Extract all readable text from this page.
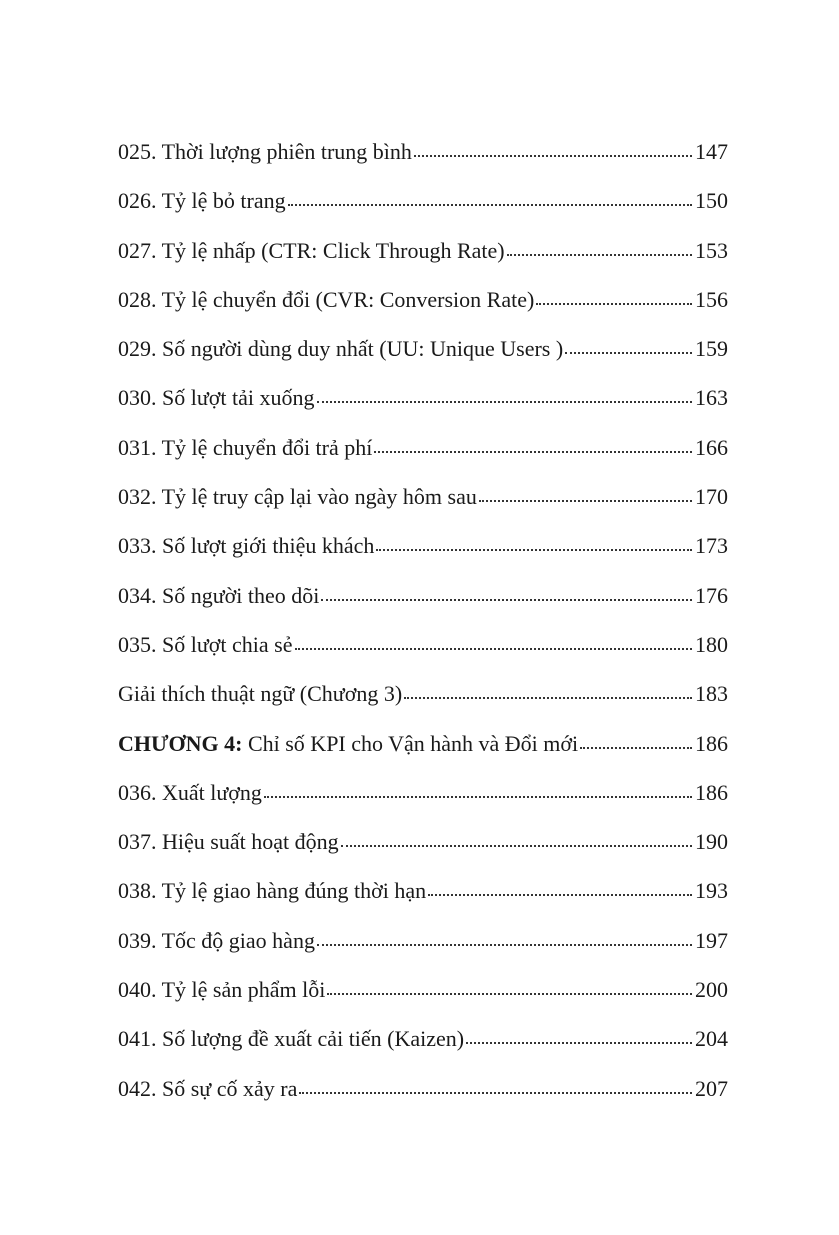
025. Thời lượng phiên trung bình	147
026. Tỷ lệ bỏ trang	150
027. Tỷ lệ nhấp (CTR: Click Through Rate)	153
028. Tỷ lệ chuyển đổi (CVR: Conversion Rate)	156
029. Số người dùng duy nhất (UU: Unique Users )	159
030. Số lượt tải xuống	163
031. Tỷ lệ chuyển đổi trả phí	166
032. Tỷ lệ truy cập lại vào ngày hôm sau	170
033. Số lượt giới thiệu khách	173
034. Số người theo dõi	176
035. Số lượt chia sẻ	180
Giải thích thuật ngữ (Chương 3)	183
CHƯƠNG 4: Chỉ số KPI cho Vận hành và Đổi mới	186
036. Xuất lượng	186
037. Hiệu suất hoạt động	190
038. Tỷ lệ giao hàng đúng thời hạn	193
039. Tốc độ giao hàng	197
040. Tỷ lệ sản phẩm lỗi	200
041. Số lượng đề xuất cải tiến (Kaizen)	204
042. Số sự cố xảy ra	207
